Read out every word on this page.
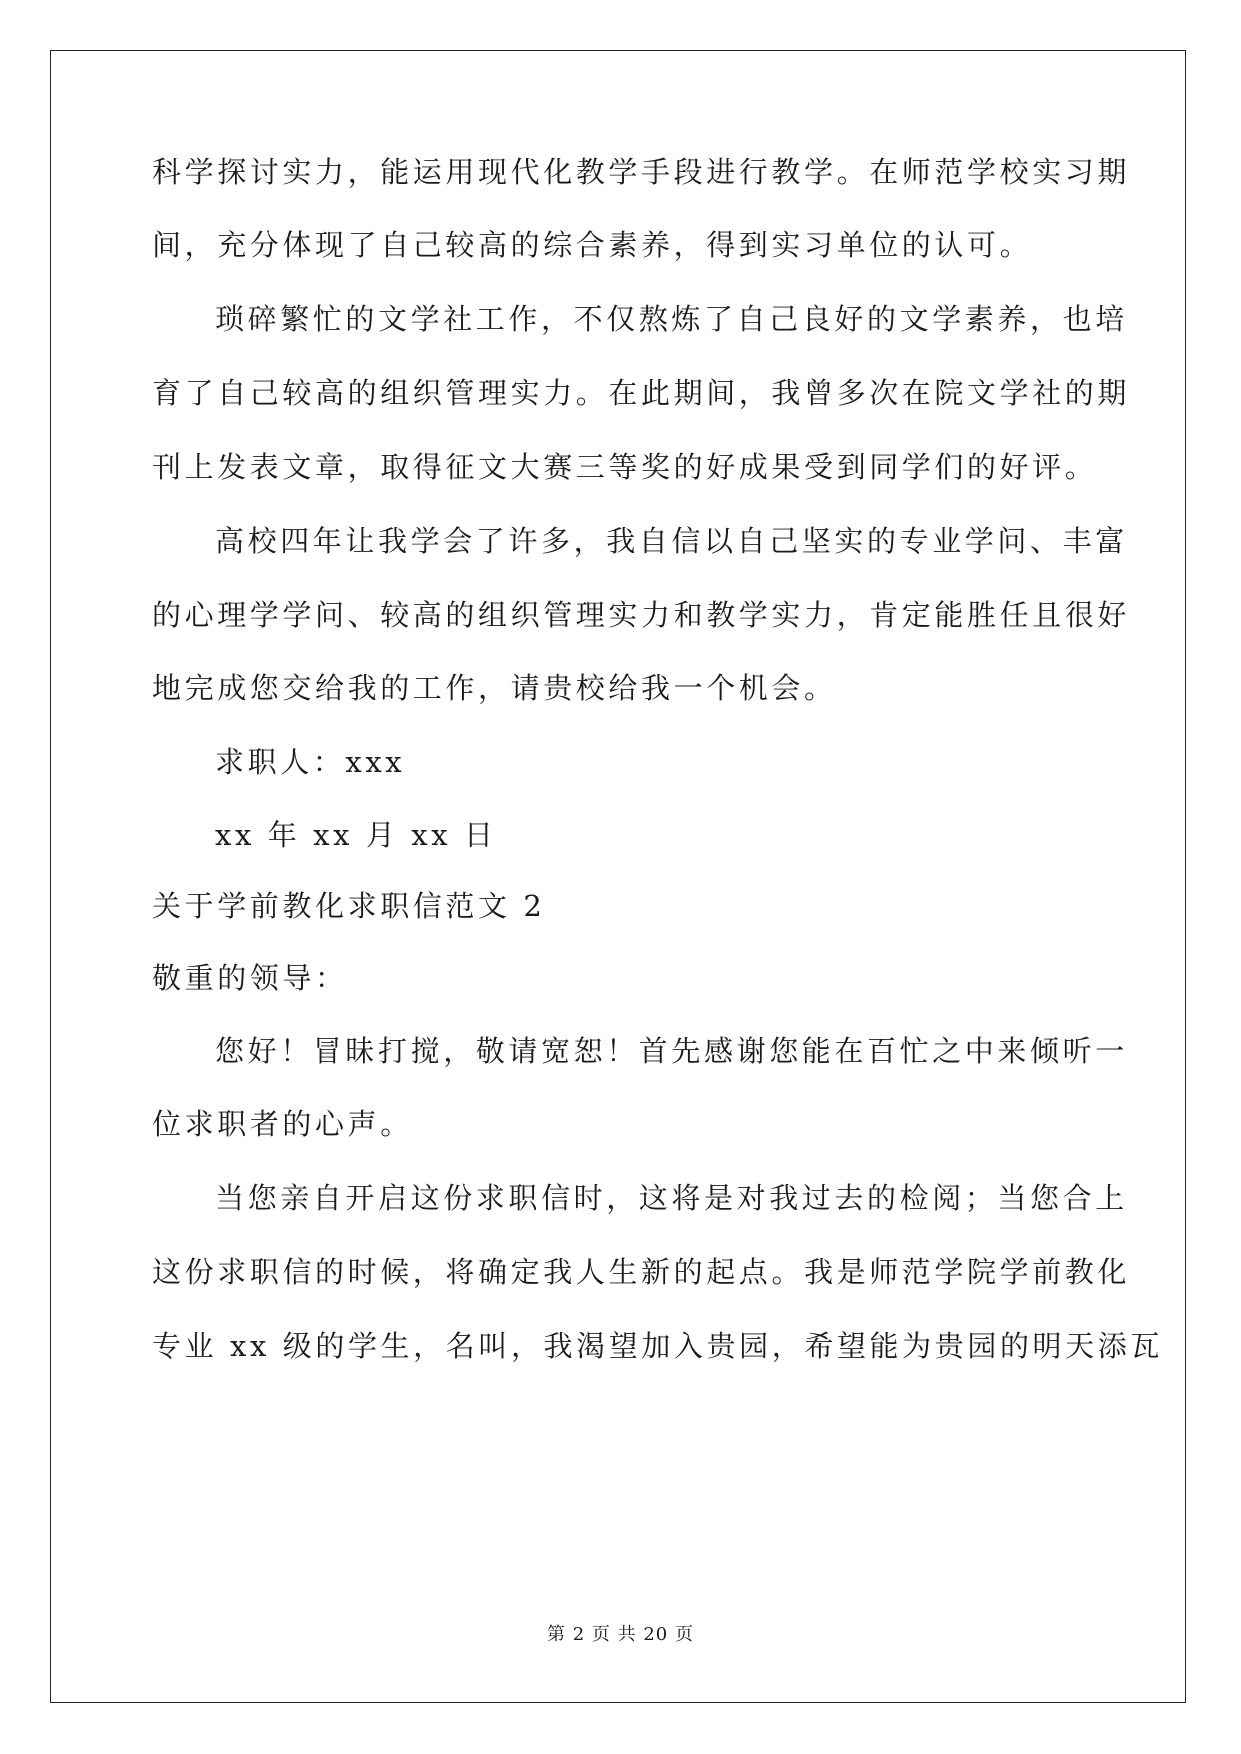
科学探讨实力，能运用现代化教学手段进行教学。在师范学校实习期
间，充分体现了自己较高的综合素养，得到实习单位的认可。
琐碎繁忙的文学社工作，不仅熬炼了自己良好的文学素养，也培
育了自己较高的组织管理实力。在此期间，我曾多次在院文学社的期
刊上发表文章，取得征文大赛三等奖的好成果受到同学们的好评。
高校四年让我学会了许多，我自信以自己坚实的专业学问、丰富
的心理学学问、较高的组织管理实力和教学实力，肯定能胜任且很好
地完成您交给我的工作，请贵校给我一个机会。
求职人：xxx
xx 年 xx 月 xx 日
关于学前教化求职信范文 2
敬重的领导：
您好！冒昧打搅，敬请宽恕！首先感谢您能在百忙之中来倾听一
位求职者的心声。
当您亲自开启这份求职信时，这将是对我过去的检阅；当您合上
这份求职信的时候，将确定我人生新的起点。我是师范学院学前教化
专业 xx 级的学生，名叫，我渴望加入贵园，希望能为贵园的明天添瓦
第 2 页 共 20 页
